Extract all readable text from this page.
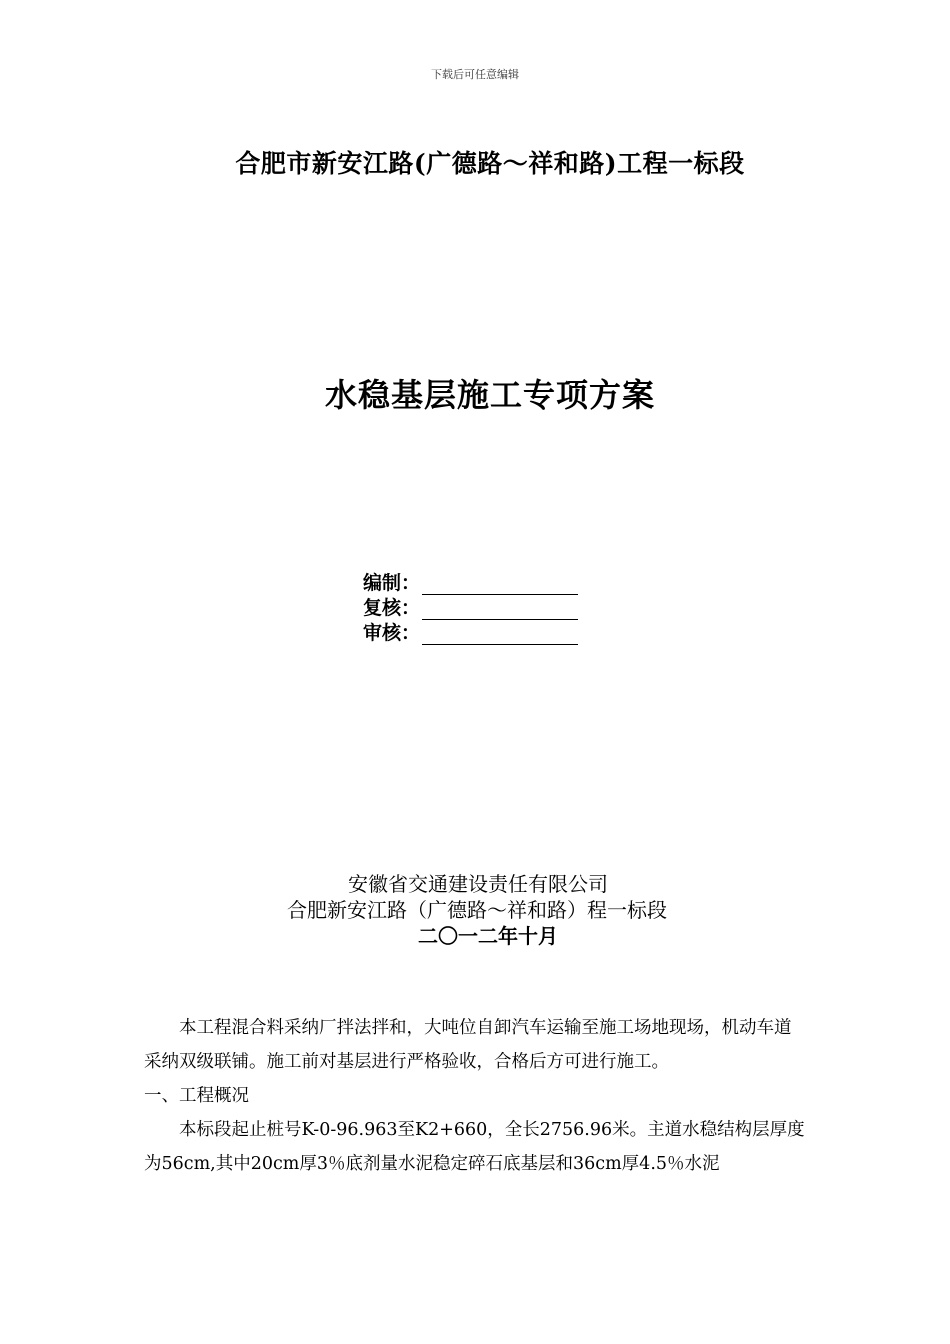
下载后可任意编辑
合肥市新安江路(广德路～祥和路)工程一标段
水稳基层施工专项方案
编制：
复核：
审核：
安徽省交通建设责任有限公司
合肥新安江路（广德路～祥和路）程一标段
二〇一二年十月

本工程混合料采纳厂拌法拌和，大吨位自卸汽车运输至施工场地现场，机动车道采纳双级联铺。施工前对基层进行严格验收，合格后方可进行施工。

一、工程概况

本标段起止桩号K-0-96.963至K2+660，全长2756.96米。主道水稳结构层厚度为56cm,其中20cm厚3％底剂量水泥稳定碎石底基层和36cm厚4.5％水泥
